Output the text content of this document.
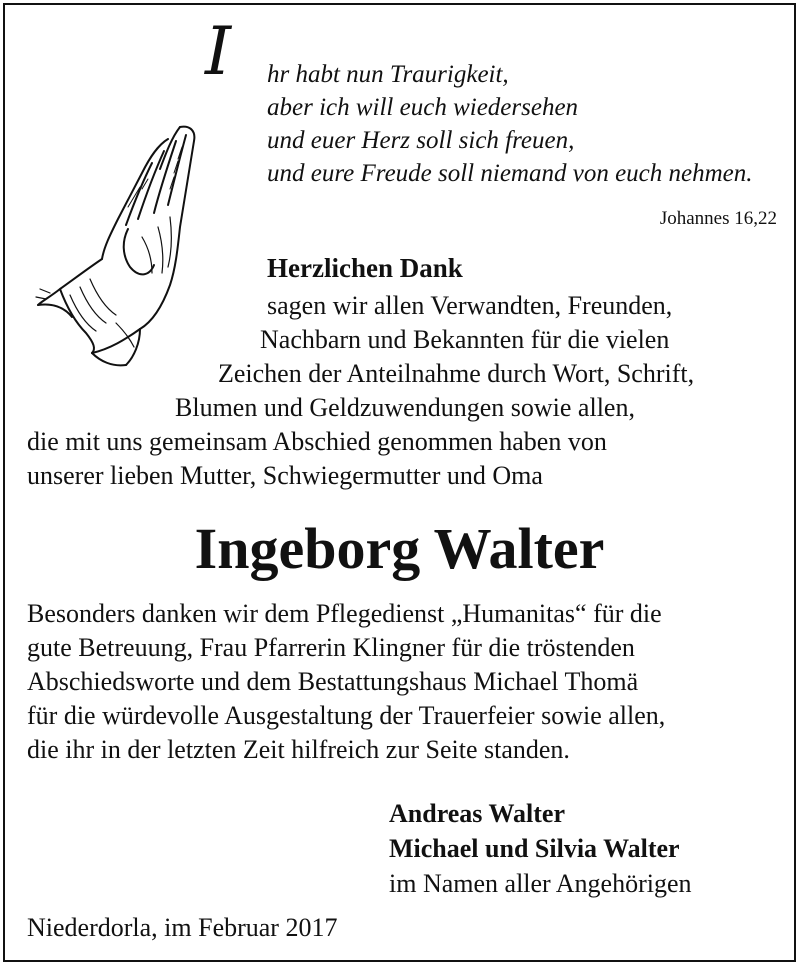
I hr habt nun Traurigkeit,
aber ich will euch wiedersehen
und euer Herz soll sich freuen,
und eure Freude soll niemand von euch nehmen.
Johannes 16,22
Herzlichen Dank
sagen wir allen Verwandten, Freunden,
Nachbarn und Bekannten für die vielen
Zeichen der Anteilnahme durch Wort, Schrift,
Blumen und Geldzuwendungen sowie allen,
die mit uns gemeinsam Abschied genommen haben von
unserer lieben Mutter, Schwiegermutter und Oma
Ingeborg Walter
Besonders danken wir dem Pflegedienst „Humanitas“ für die
gute Betreuung, Frau Pfarrerin Klingner für die tröstenden
Abschiedsworte und dem Bestattungshaus Michael Thomä
für die würdevolle Ausgestaltung der Trauerfeier sowie allen,
die ihr in der letzten Zeit hilfreich zur Seite standen.
Andreas Walter
Michael und Silvia Walter
im Namen aller Angehörigen
Niederdorla, im Februar 2017
